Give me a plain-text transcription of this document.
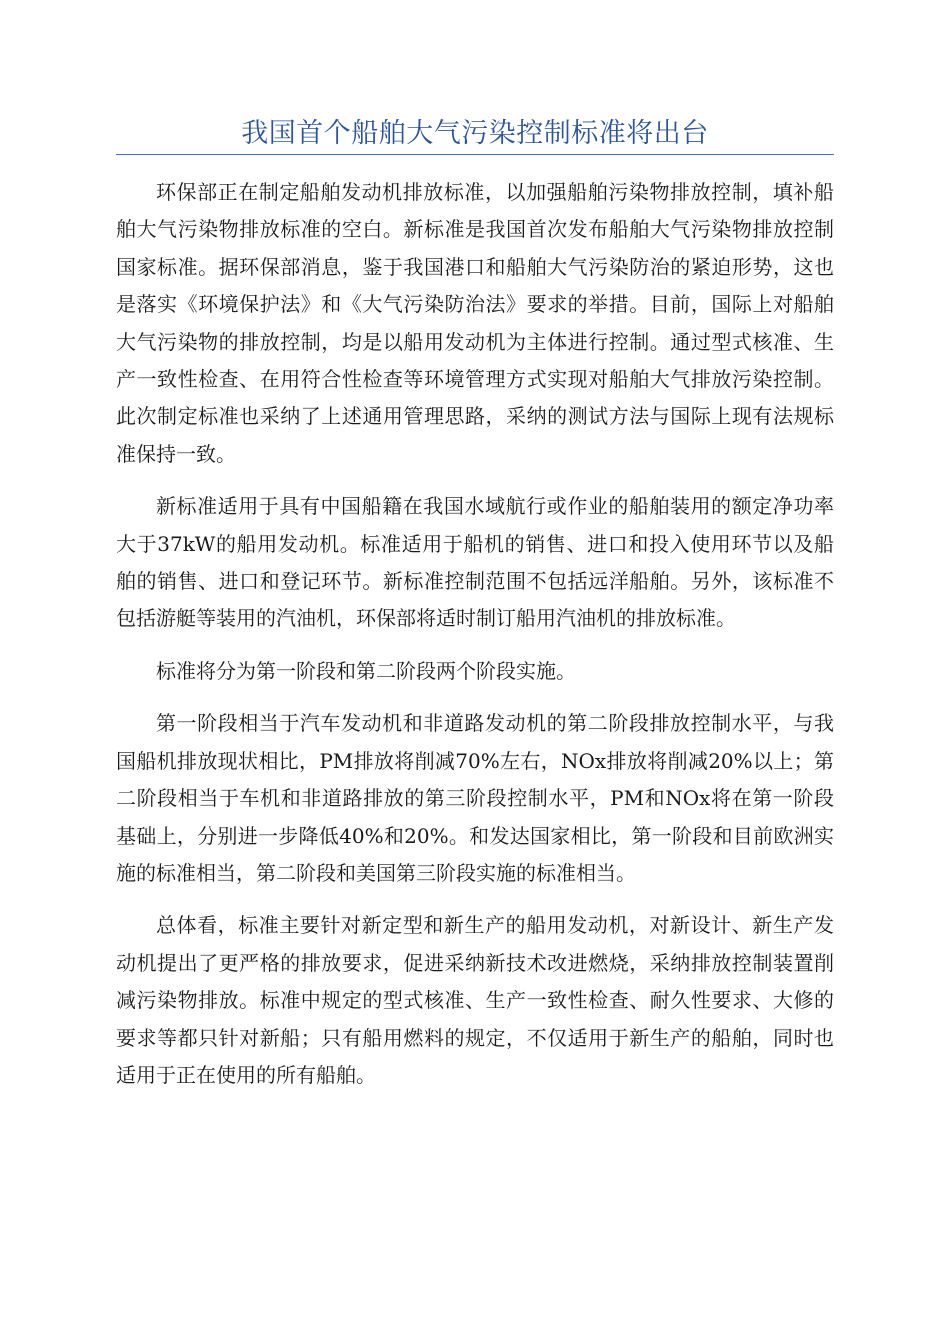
我国首个船舶大气污染控制标准将出台

环保部正在制定船舶发动机排放标准，以加强船舶污染物排放控制，填补船舶大气污染物排放标准的空白。新标准是我国首次发布船舶大气污染物排放控制国家标准。据环保部消息，鉴于我国港口和船舶大气污染防治的紧迫形势，这也是落实《环境保护法》和《大气污染防治法》要求的举措。目前，国际上对船舶大气污染物的排放控制，均是以船用发动机为主体进行控制。通过型式核准、生产一致性检查、在用符合性检查等环境管理方式实现对船舶大气排放污染控制。此次制定标准也采纳了上述通用管理思路，采纳的测试方法与国际上现有法规标准保持一致。

新标准适用于具有中国船籍在我国水域航行或作业的船舶装用的额定净功率大于37kW的船用发动机。标准适用于船机的销售、进口和投入使用环节以及船舶的销售、进口和登记环节。新标准控制范围不包括远洋船舶。另外，该标准不包括游艇等装用的汽油机，环保部将适时制订船用汽油机的排放标准。

标准将分为第一阶段和第二阶段两个阶段实施。

第一阶段相当于汽车发动机和非道路发动机的第二阶段排放控制水平，与我国船机排放现状相比，PM排放将削减70%左右，NOx排放将削减20%以上；第二阶段相当于车机和非道路排放的第三阶段控制水平，PM和NOx将在第一阶段基础上，分别进一步降低40%和20%。和发达国家相比，第一阶段和目前欧洲实施的标准相当，第二阶段和美国第三阶段实施的标准相当。

总体看，标准主要针对新定型和新生产的船用发动机，对新设计、新生产发动机提出了更严格的排放要求，促进采纳新技术改进燃烧，采纳排放控制装置削减污染物排放。标准中规定的型式核准、生产一致性检查、耐久性要求、大修的要求等都只针对新船；只有船用燃料的规定，不仅适用于新生产的船舶，同时也适用于正在使用的所有船舶。
